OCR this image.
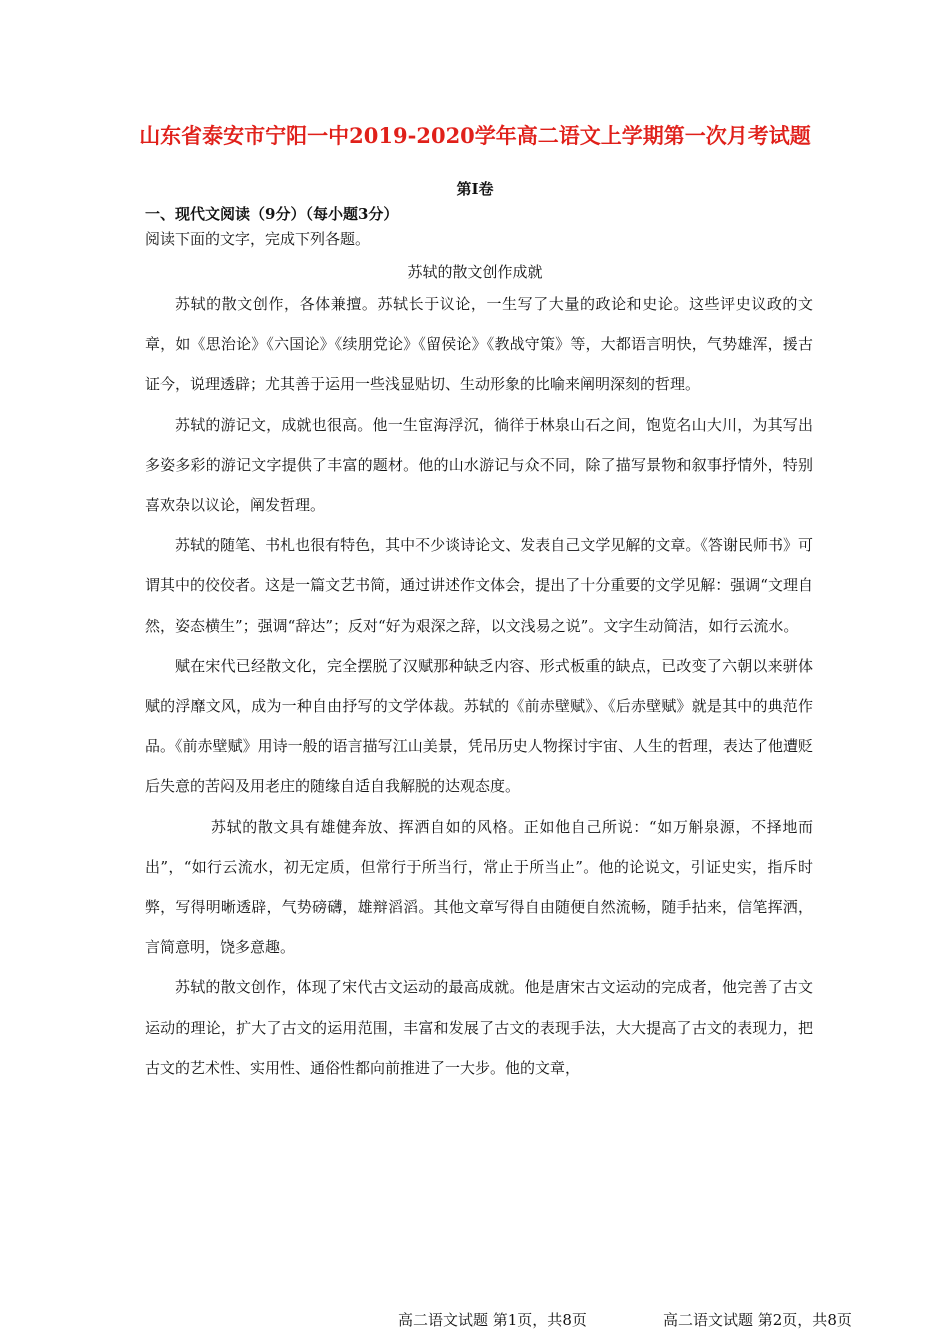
山东省泰安市宁阳一中2019-2020学年高二语文上学期第一次月考试题
第Ⅰ卷
一、现代文阅读（9分）（每小题3分）
阅读下面的文字，完成下列各题。
苏轼的散文创作成就

苏轼的散文创作，各体兼擅。苏轼长于议论，一生写了大量的政论和史论。这些评史议政的文章，如《思治论》《六国论》《续朋党论》《留侯论》《教战守策》等，大都语言明快，气势雄浑，援古证今，说理透辟；尤其善于运用一些浅显贴切、生动形象的比喻来阐明深刻的哲理。

苏轼的游记文，成就也很高。他一生宦海浮沉，徜徉于林泉山石之间，饱览名山大川，为其写出多姿多彩的游记文字提供了丰富的题材。他的山水游记与众不同，除了描写景物和叙事抒情外，特别喜欢杂以议论，阐发哲理。

苏轼的随笔、书札也很有特色，其中不少谈诗论文、发表自己文学见解的文章。《答谢民师书》可谓其中的佼佼者。这是一篇文艺书简，通过讲述作文体会，提出了十分重要的文学见解：强调“文理自然，姿态横生”；强调“辞达”；反对“好为艰深之辞，以文浅易之说”。文字生动简洁，如行云流水。

赋在宋代已经散文化，完全摆脱了汉赋那种缺乏内容、形式板重的缺点，已改变了六朝以来骈体赋的浮靡文风，成为一种自由抒写的文学体裁。苏轼的《前赤壁赋》、《后赤壁赋》就是其中的典范作品。《前赤壁赋》用诗一般的语言描写江山美景，凭吊历史人物探讨宇宙、人生的哲理，表达了他遭贬后失意的苦闷及用老庄的随缘自适自我解脱的达观态度。

苏轼的散文具有雄健奔放、挥洒自如的风格。正如他自己所说：“如万斛泉源，不择地而出”，“如行云流水，初无定质，但常行于所当行，常止于所当止”。他的论说文，引证史实，指斥时弊，写得明晰透辟，气势磅礴，雄辩滔滔。其他文章写得自由随便自然流畅，随手拈来，信笔挥洒，言简意明，饶多意趣。

苏轼的散文创作，体现了宋代古文运动的最高成就。他是唐宋古文运动的完成者，他完善了古文运动的理论，扩大了古文的运用范围，丰富和发展了古文的表现手法，大大提高了古文的表现力，把古文的艺术性、实用性、通俗性都向前推进了一大步。他的文章，

高二语文试题 第1页，共8页	高二语文试题 第2页，共8页
